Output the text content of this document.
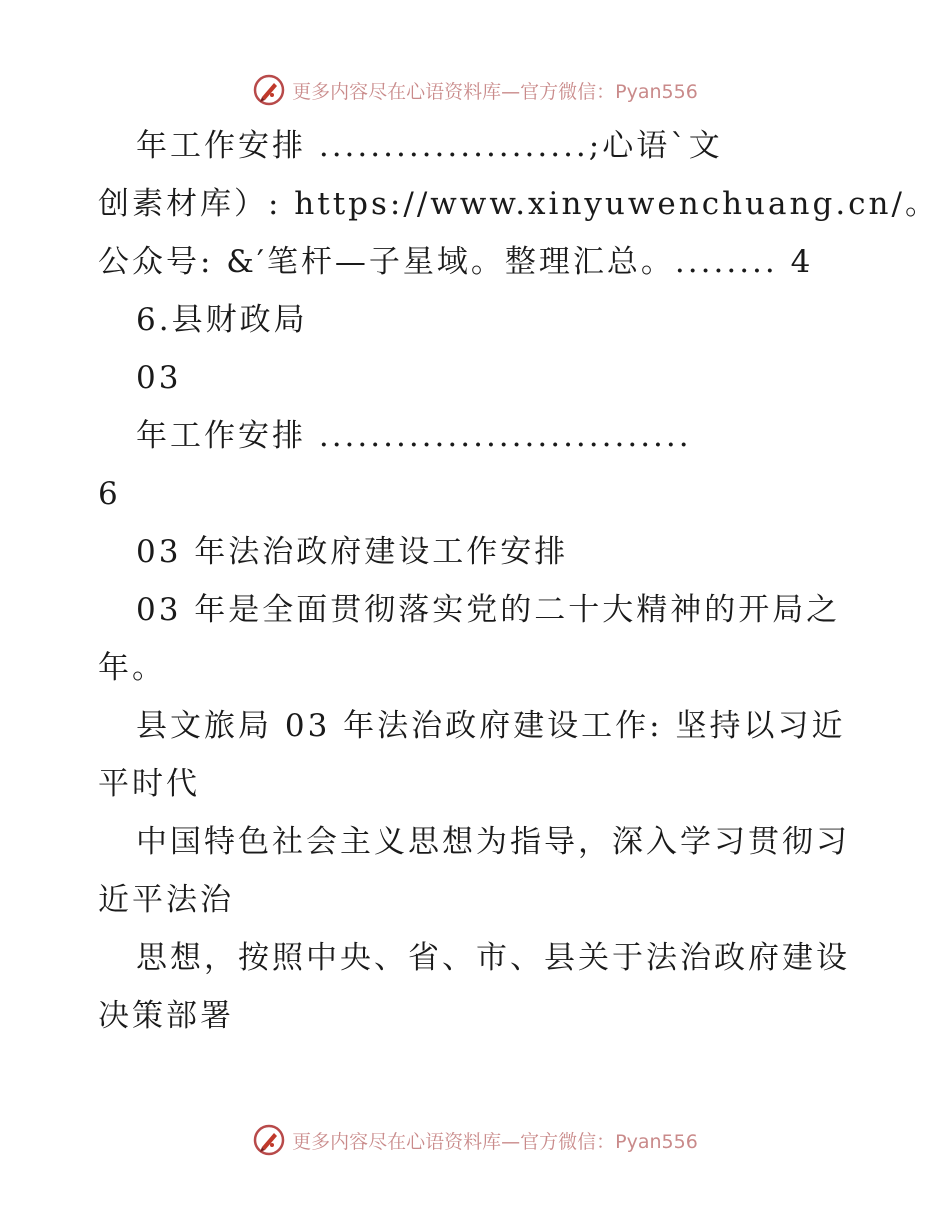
更多内容尽在心语资料库—官方微信：Pyan556
年工作安排 .....................;心语`文
创素材库）: https://www.xinyuwenchuang.cn/。
公众号: &′笔杆—子星域。整理汇总。........ 4
6.县财政局
03
年工作安排 .............................
6
03 年法治政府建设工作安排
03 年是全面贯彻落实党的二十大精神的开局之
年。
县文旅局 03 年法治政府建设工作: 坚持以习近
平时代
中国特色社会主义思想为指导，深入学习贯彻习
近平法治
思想，按照中央、省、市、县关于法治政府建设
决策部署
更多内容尽在心语资料库—官方微信：Pyan556
